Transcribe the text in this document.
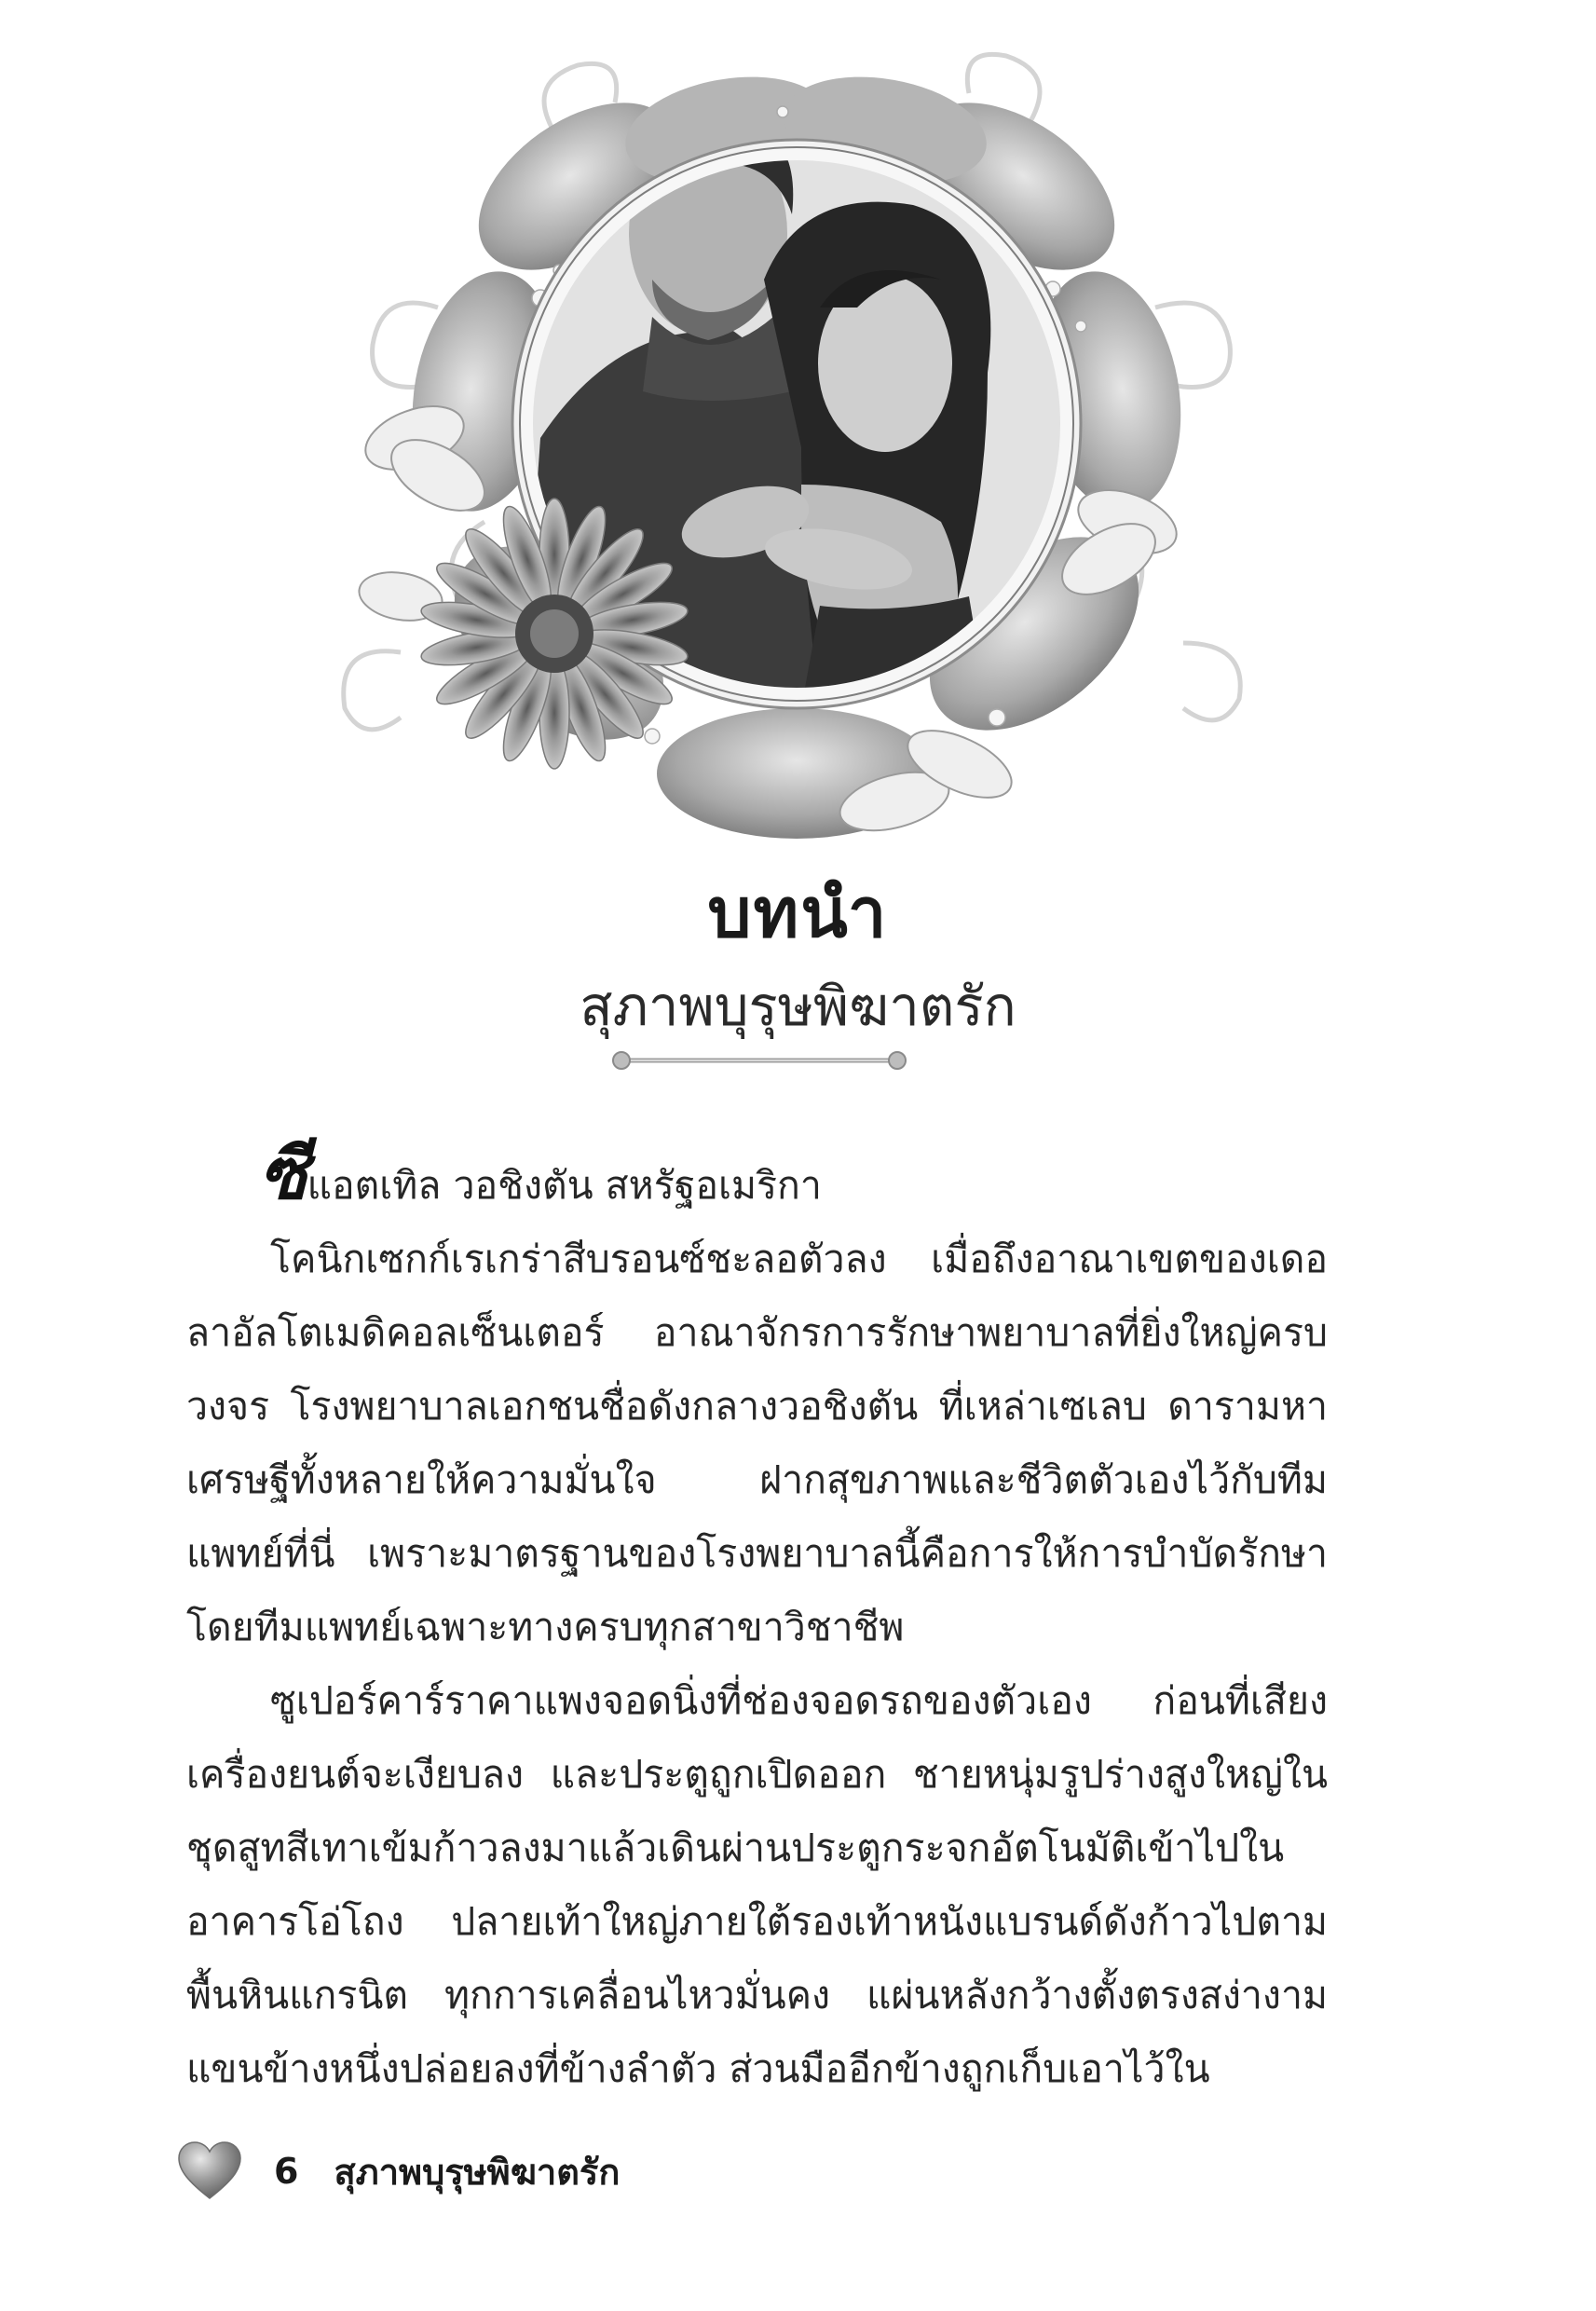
บทนำ
สุภาพบุรุษพิฆาตรัก

ซีแอตเทิล วอชิงตัน สหรัฐอเมริกา

โคนิกเซกก์เรเกร่าสีบรอนซ์ชะลอตัวลง เมื่อถึงอาณาเขตของเดอลาอัลโตเมดิคอลเซ็นเตอร์ อาณาจักรการรักษาพยาบาลที่ยิ่งใหญ่ครบวงจร โรงพยาบาลเอกชนชื่อดังกลางวอชิงตัน ที่เหล่าเซเลบ ดารามหาเศรษฐีทั้งหลายให้ความมั่นใจ ฝากสุขภาพและชีวิตตัวเองไว้กับทีมแพทย์ที่นี่ เพราะมาตรฐานของโรงพยาบาลนี้คือการให้การบำบัดรักษาโดยทีมแพทย์เฉพาะทางครบทุกสาขาวิชาชีพ

ซูเปอร์คาร์ราคาแพงจอดนิ่งที่ช่องจอดรถของตัวเอง ก่อนที่เสียงเครื่องยนต์จะเงียบลง และประตูถูกเปิดออก ชายหนุ่มรูปร่างสูงใหญ่ในชุดสูทสีเทาเข้มก้าวลงมาแล้วเดินผ่านประตูกระจกอัตโนมัติเข้าไปในอาคารโอ่โถง ปลายเท้าใหญ่ภายใต้รองเท้าหนังแบรนด์ดังก้าวไปตามพื้นหินแกรนิต ทุกการเคลื่อนไหวมั่นคง แผ่นหลังกว้างตั้งตรงสง่างามแขนข้างหนึ่งปล่อยลงที่ข้างลำตัว ส่วนมืออีกข้างถูกเก็บเอาไว้ใน

6 สุภาพบุรุษพิฆาตรัก
